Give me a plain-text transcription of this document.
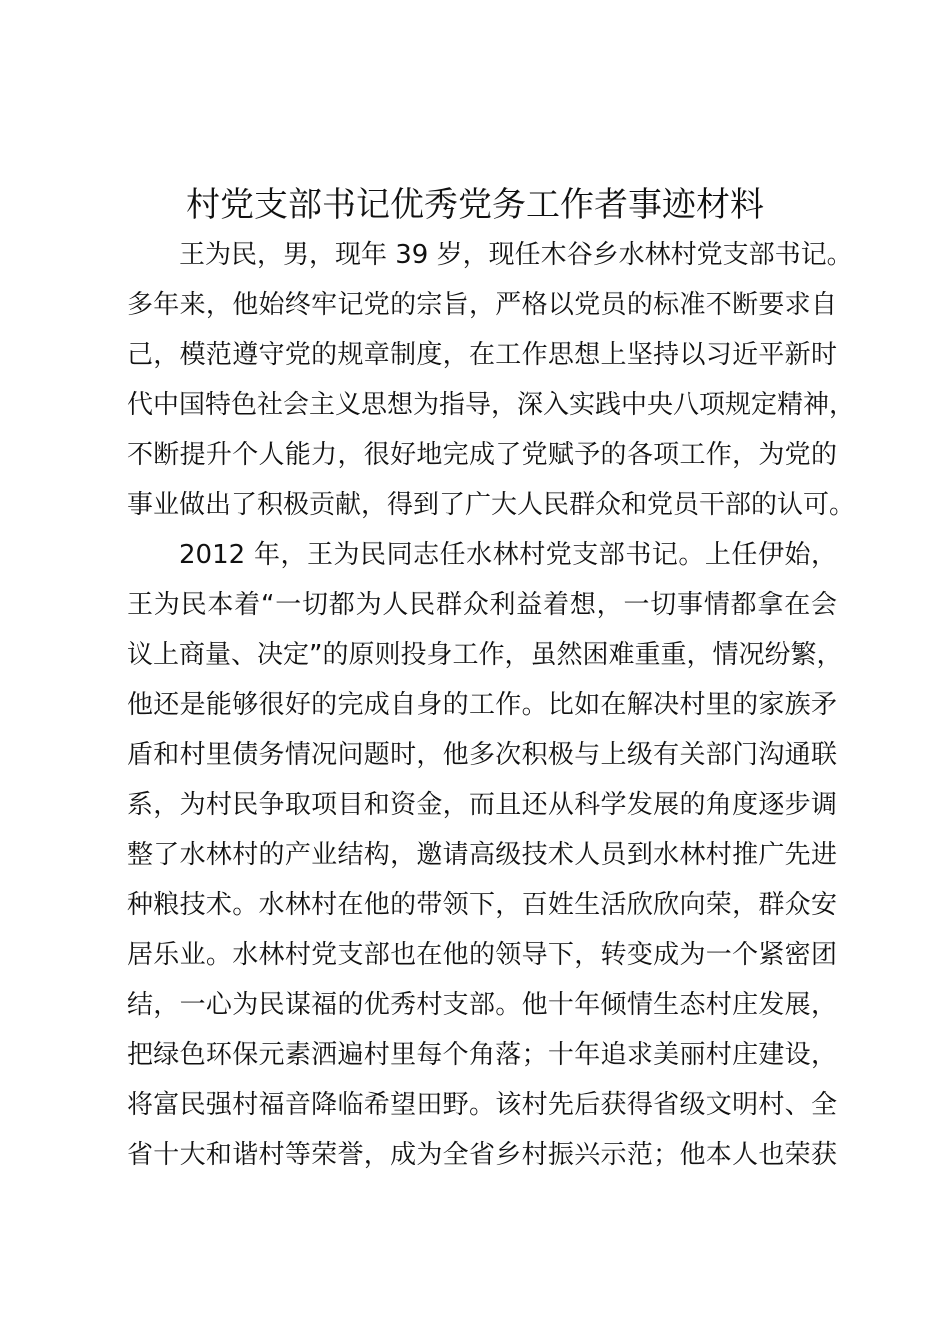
村党支部书记优秀党务工作者事迹材料
王为民，男，现年 39 岁，现任木谷乡水林村党支部书记。
多年来，他始终牢记党的宗旨，严格以党员的标准不断要求自
己，模范遵守党的规章制度，在工作思想上坚持以习近平新时
代中国特色社会主义思想为指导，深入实践中央八项规定精神，
不断提升个人能力，很好地完成了党赋予的各项工作，为党的
事业做出了积极贡献，得到了广大人民群众和党员干部的认可。
2012 年，王为民同志任水林村党支部书记。上任伊始，
王为民本着“一切都为人民群众利益着想，一切事情都拿在会
议上商量、决定”的原则投身工作，虽然困难重重，情况纷繁，
他还是能够很好的完成自身的工作。比如在解决村里的家族矛
盾和村里债务情况问题时，他多次积极与上级有关部门沟通联
系，为村民争取项目和资金，而且还从科学发展的角度逐步调
整了水林村的产业结构，邀请高级技术人员到水林村推广先进
种粮技术。水林村在他的带领下，百姓生活欣欣向荣，群众安
居乐业。水林村党支部也在他的领导下，转变成为一个紧密团
结，一心为民谋福的优秀村支部。他十年倾情生态村庄发展，
把绿色环保元素洒遍村里每个角落；十年追求美丽村庄建设，
将富民强村福音降临希望田野。该村先后获得省级文明村、全
省十大和谐村等荣誉，成为全省乡村振兴示范；他本人也荣获
